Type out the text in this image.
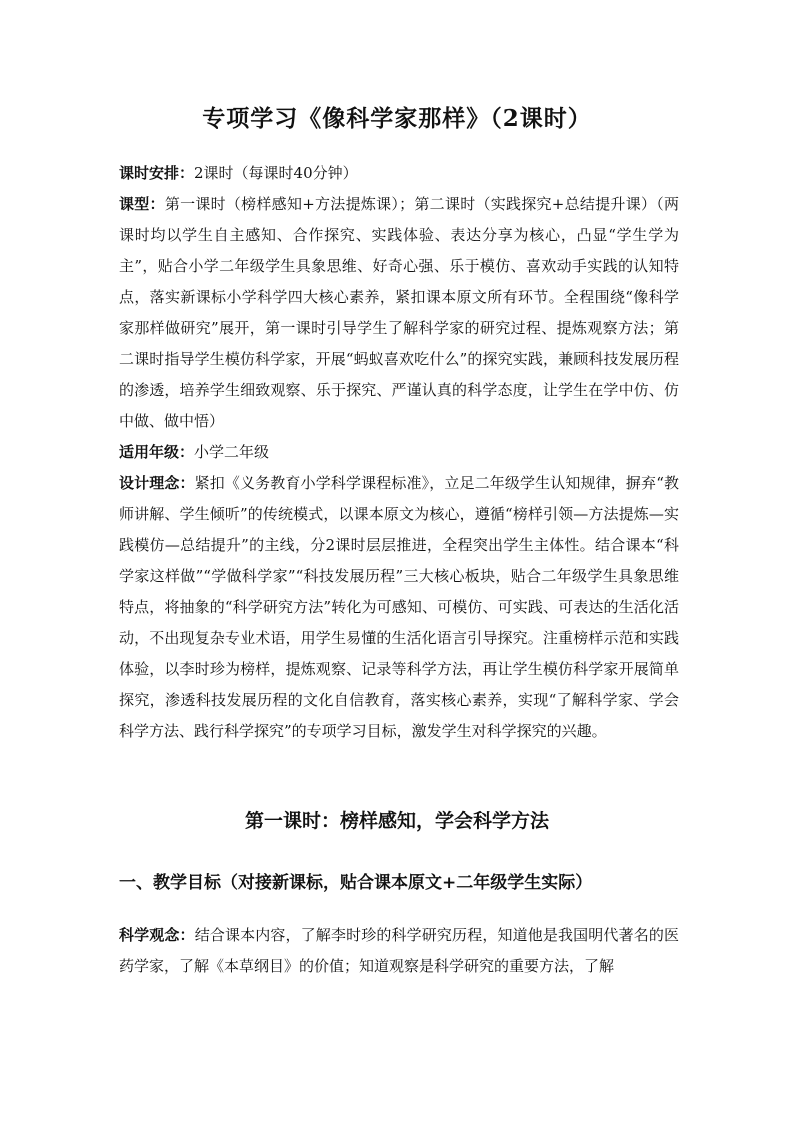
专项学习《像科学家那样》（2课时）
课时安排：2课时（每课时40分钟）
课型：第一课时（榜样感知+方法提炼课）；第二课时（实践探究+总结提升课）（两课时均以学生自主感知、合作探究、实践体验、表达分享为核心，凸显“学生学为主”，贴合小学二年级学生具象思维、好奇心强、乐于模仿、喜欢动手实践的认知特点，落实新课标小学科学四大核心素养，紧扣课本原文所有环节。全程围绕“像科学家那样做研究”展开，第一课时引导学生了解科学家的研究过程、提炼观察方法；第二课时指导学生模仿科学家，开展“蚂蚁喜欢吃什么”的探究实践，兼顾科技发展历程的渗透，培养学生细致观察、乐于探究、严谨认真的科学态度，让学生在学中仿、仿中做、做中悟）
适用年级：小学二年级
设计理念：紧扣《义务教育小学科学课程标准》，立足二年级学生认知规律，摒弃“教师讲解、学生倾听”的传统模式，以课本原文为核心，遵循“榜样引领—方法提炼—实践模仿—总结提升”的主线，分2课时层层推进，全程突出学生主体性。结合课本“科学家这样做”“学做科学家”“科技发展历程”三大核心板块，贴合二年级学生具象思维特点，将抽象的“科学研究方法”转化为可感知、可模仿、可实践、可表达的生活化活动，不出现复杂专业术语，用学生易懂的生活化语言引导探究。注重榜样示范和实践体验，以李时珍为榜样，提炼观察、记录等科学方法，再让学生模仿科学家开展简单探究，渗透科技发展历程的文化自信教育，落实核心素养，实现“了解科学家、学会科学方法、践行科学探究”的专项学习目标，激发学生对科学探究的兴趣。
第一课时：榜样感知，学会科学方法
一、教学目标（对接新课标，贴合课本原文+二年级学生实际）
科学观念：结合课本内容，了解李时珍的科学研究历程，知道他是我国明代著名的医药学家，了解《本草纲目》的价值；知道观察是科学研究的重要方法，了解
